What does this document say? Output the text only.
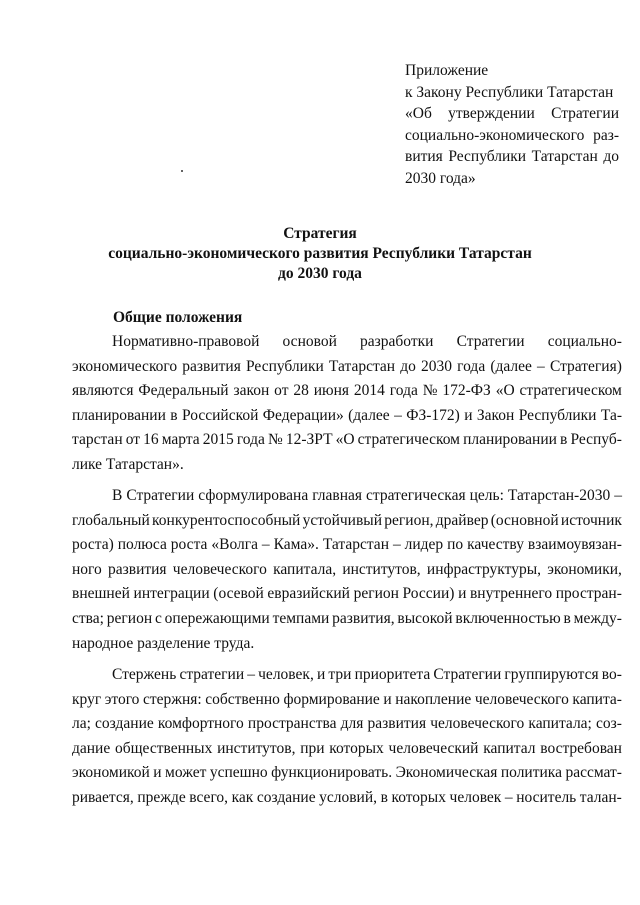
Приложение
к Закону Республики Татарстан
«Об утверждении Стратегии
социально-экономического раз-
вития Республики Татарстан до
2030 года»
Стратегия
социально-экономического развития Республики Татарстан
до 2030 года
Общие положения
Нормативно-правовой основой разработки Стратегии социально-
экономического развития Республики Татарстан до 2030 года (далее – Стратегия)
являются Федеральный закон от 28 июня 2014 года № 172-ФЗ «О стратегическом
планировании в Российской Федерации» (далее – ФЗ-172) и Закон Республики Та-
тарстан от 16 марта 2015 года № 12-ЗРТ «О стратегическом планировании в Респуб-
лике Татарстан».
В Стратегии сформулирована главная стратегическая цель: Татарстан-2030 –
глобальный конкурентоспособный устойчивый регион, драйвер (основной источник
роста) полюса роста «Волга – Кама». Татарстан – лидер по качеству взаимоувязан-
ного развития человеческого капитала, институтов, инфраструктуры, экономики,
внешней интеграции (осевой евразийский регион России) и внутреннего простран-
ства; регион с опережающими темпами развития, высокой включенностью в между-
народное разделение труда.
Стержень стратегии – человек, и три приоритета Стратегии группируются во-
круг этого стержня: собственно формирование и накопление человеческого капита-
ла; создание комфортного пространства для развития человеческого капитала; соз-
дание общественных институтов, при которых человеческий капитал востребован
экономикой и может успешно функционировать. Экономическая политика рассмат-
ривается, прежде всего, как создание условий, в которых человек – носитель талан-
